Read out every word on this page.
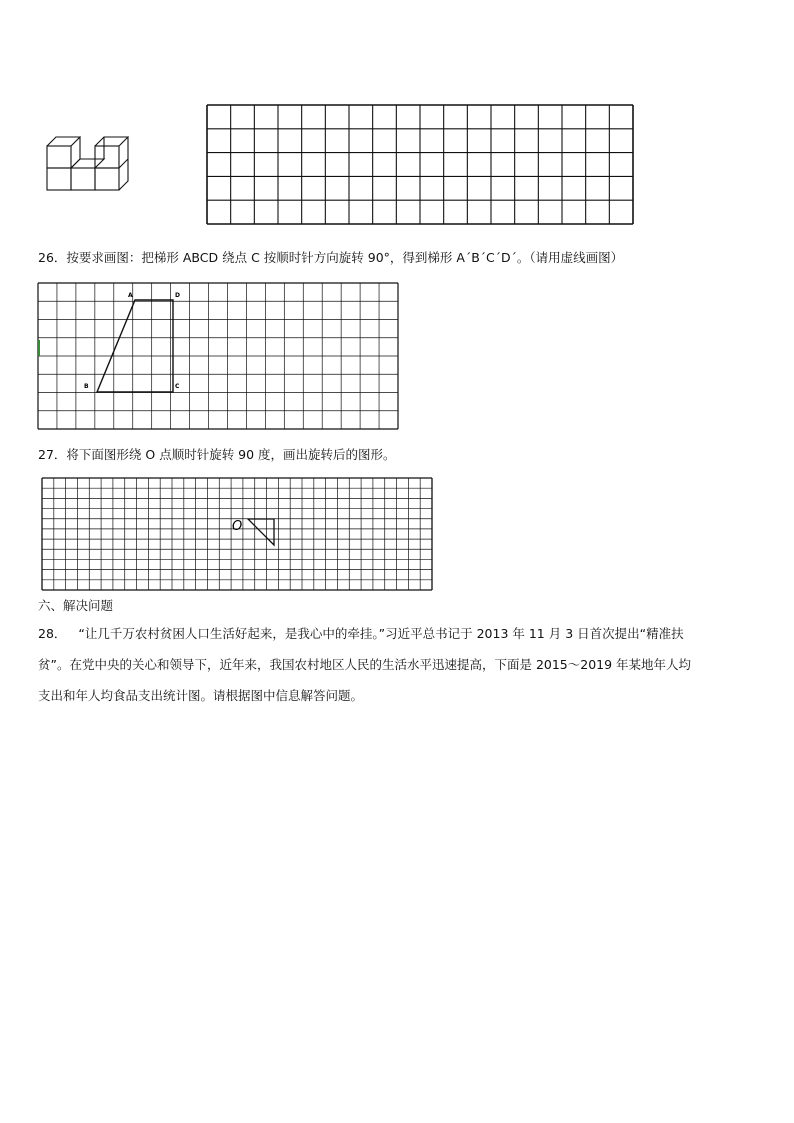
26．按要求画图：把梯形 ABCD 绕点 C 按顺时针方向旋转 90°，得到梯形 A´B´C´D´。（请用虚线画图）
A	D
B	C
27．将下面图形绕 O 点顺时针旋转 90 度，画出旋转后的图形。
O
六、解决问题
28． “让几千万农村贫困人口生活好起来，是我心中的牵挂。”习近平总书记于 2013 年 11 月 3 日首次提出“精准扶
贫”。在党中央的关心和领导下，近年来，我国农村地区人民的生活水平迅速提高，下面是 2015～2019 年某地年人均
支出和年人均食品支出统计图。请根据图中信息解答问题。
